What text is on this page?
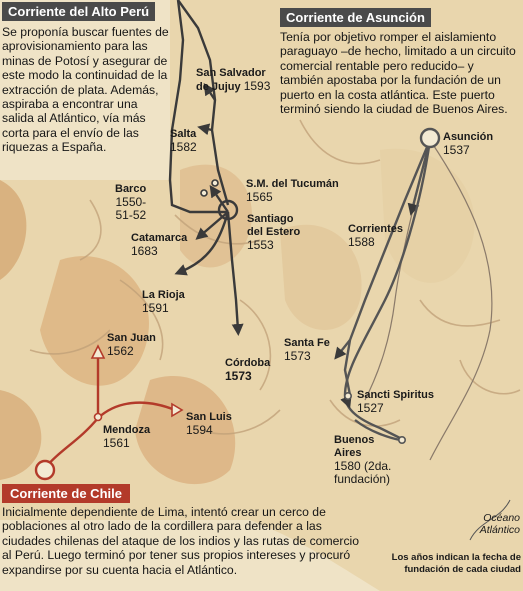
Corriente del Alto Perú
Se proponía buscar fuentes de aprovisionamiento para las minas de Potosí y asegurar de este modo la continuidad de la extracción de plata. Además, aspiraba a encontrar una salida al Atlántico, vía más corta para el envío de las riquezas a España.
Corriente de Asunción
Tenía por objetivo romper el aislamiento paraguayo –de hecho, limitado a un circuito comercial rentable pero reducido– y también apostaba por la fundación de un puerto en la costa atlántica. Este puerto terminó siendo la ciudad de Buenos Aires.
Corriente de Chile
Inicialmente dependiente de Lima, intentó crear un cerco de poblaciones al otro lado de la cordillera para defender a las ciudades chilenas del ataque de los indios y las rutas de comercio al Perú. Luego terminó por tener sus propios intereses y procuró expandirse por su cuenta hacia el Atlántico.
San Salvador
de Jujuy 1593
Salta
1582
S.M. del Tucumán
1565
Barco
1550-
51-52	Santiago
del Estero
1553
Catamarca
1683
La Rioja
1591
Córdoba
1573
San Juan
1562
Mendoza
1561
San Luis
1594
Asunción
1537
Corrientes
1588
Santa Fe
1573
Sancti Spiritus
1527
Buenos
Aires
1580 (2da.
fundación)
Océano
Atlántico
Los años indican la fecha de
fundación de cada ciudad
